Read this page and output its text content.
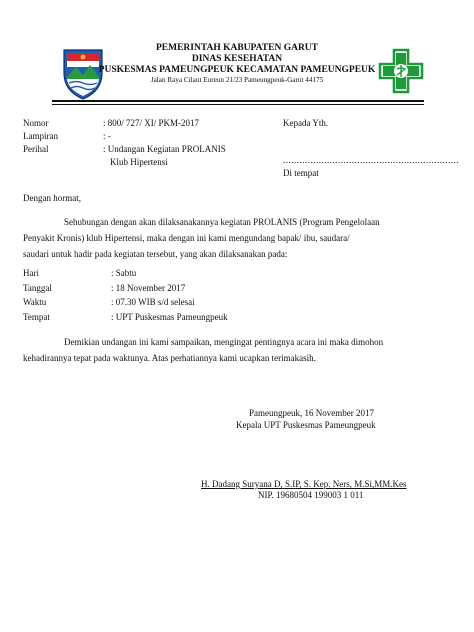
PEMERINTAH KABUPATEN GARUT
DINAS KESEHATAN
PUSKESMAS PAMEUNGPEUK KECAMATAN PAMEUNGPEUK
Jalan Raya Cilaut Eureun 21/23 Pameungpeuk-Garut 44175
Nomor	: 800/ 727/ XI/ PKM-2017
Lampiran	: -
Perihal	: Undangan Kegiatan PROLANIS
Klub Hipertensi
Kepada Yth.
................................................................
Di tempat
Dengan hormat,
Sehubungan dengan akan dilaksanakannya kegiatan PROLANIS (Program Pengelolaan
Penyakit Kronis) klub Hipertensi, maka dengan ini kami mengundang bapak/ ibu, saudara/
saudari untuk hadir pada kegiatan tersebut, yang akan dilaksanakan pada:
Hari	: Sabtu
Tanggal	: 18 November 2017
Waktu	: 07.30 WIB s/d selesai
Tempat	: UPT Puskesmas Pameungpeuk
Demikian undangan ini kami sampaikan, mengingat pentingnya acara ini maka dimohon
kehadirannya tepat pada waktunya. Atas perhatiannya kami ucapkan terimakasih.
Pameungpeuk, 16 November 2017
Kepala UPT Puskesmas Pameungpeuk
H. Dadang Suryana D, S.IP, S. Kep. Ners, M.Si,MM.Kes
NIP. 19680504 199003 1 011
